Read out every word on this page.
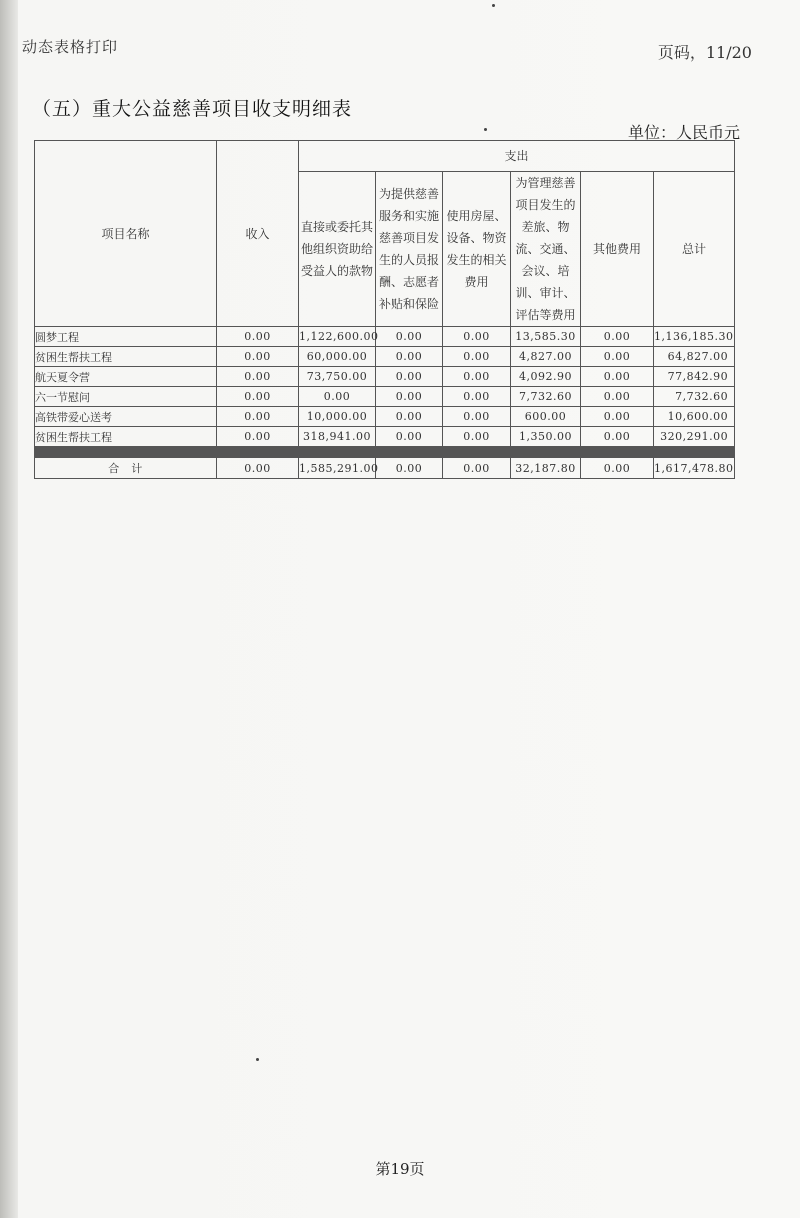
动态表格打印	页码，11/20
（五）重大公益慈善项目收支明细表
单位：人民币元
项目名称	收入	支出					
		直接或委托其他组织资助给受益人的款物	为提供慈善服务和实施慈善项目发生的人员报酬、志愿者补贴和保险	使用房屋、设备、物资发生的相关费用	为管理慈善项目发生的差旅、物流、交通、会议、培训、审计、评估等费用	其他费用	总计
圆梦工程	0.00	1,122,600.00	0.00	0.00	13,585.30	0.00	1,136,185.30
贫困生帮扶工程	0.00	60,000.00	0.00	0.00	4,827.00	0.00	64,827.00
航天夏令营	0.00	73,750.00	0.00	0.00	4,092.90	0.00	77,842.90
六一节慰问	0.00	0.00	0.00	0.00	7,732.60	0.00	7,732.60
高铁带爱心送考	0.00	10,000.00	0.00	0.00	600.00	0.00	10,600.00
贫困生帮扶工程	0.00	318,941.00	0.00	0.00	1,350.00	0.00	320,291.00

合　计	0.00	1,585,291.00	0.00	0.00	32,187.80	0.00	1,617,478.80
第19页
